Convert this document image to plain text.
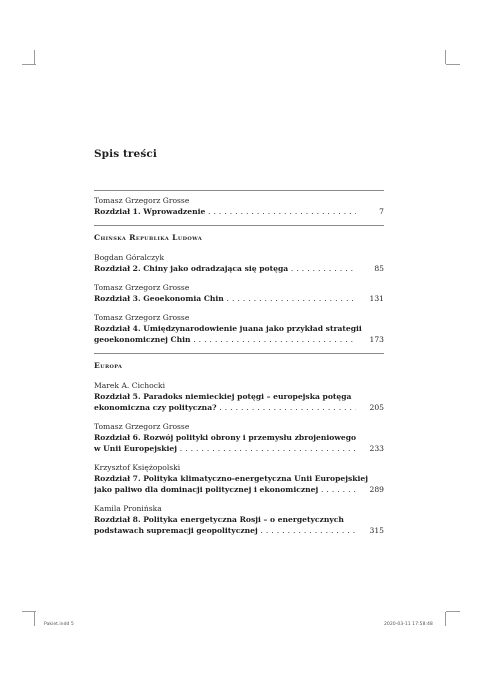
Spis treści
Tomasz Grzegorz Grosse
Rozdział 1. Wprowadzenie . . .	7
Chińska Republika Ludowa
Bogdan Góralczyk
Rozdział 2. Chiny jako odradzająca się potęga . . .	85
Tomasz Grzegorz Grosse
Rozdział 3. Geoekonomia Chin . . .	131
Tomasz Grzegorz Grosse
Rozdział 4. Umiędzynarodowienie juana jako przykład strategii
geoekonomicznej Chin . . .	173
Europa
Marek A. Cichocki
Rozdział 5. Paradoks niemieckiej potęgi – europejska potęga
ekonomiczna czy polityczna? . . .	205
Tomasz Grzegorz Grosse
Rozdział 6. Rozwój polityki obrony i przemysłu zbrojeniowego
w Unii Europejskiej . . .	233
Krzysztof Księżopolski
Rozdział 7. Polityka klimatyczno-energetyczna Unii Europejskiej
jako paliwo dla dominacji politycznej i ekonomicznej . . .	289
Kamila Pronińska
Rozdział 8. Polityka energetyczna Rosji – o energetycznych
podstawach supremacji geopolitycznej . . .	315
Pakiet.indd 5	2020-03-11 17:58:48
